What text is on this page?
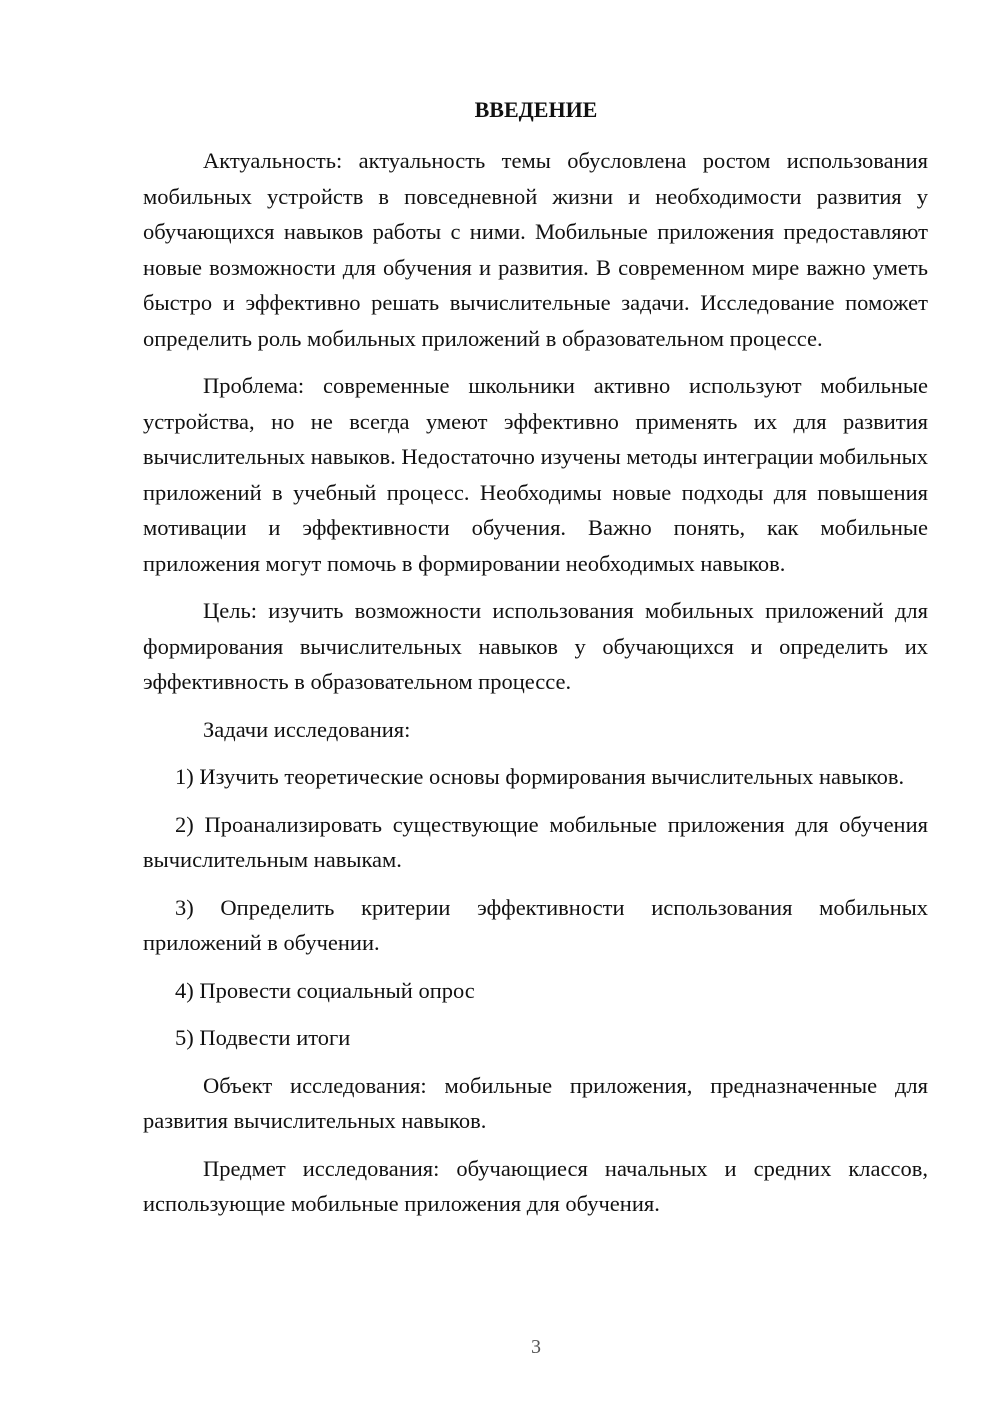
ВВЕДЕНИЕ

Актуальность: актуальность темы обусловлена ростом использования мобильных устройств в повседневной жизни и необходимости развития у обучающихся навыков работы с ними. Мобильные приложения предоставляют новые возможности для обучения и развития. В современном мире важно уметь быстро и эффективно решать вычислительные задачи. Исследование поможет определить роль мобильных приложений в образовательном процессе.

Проблема: современные школьники активно используют мобильные устройства, но не всегда умеют эффективно применять их для развития вычислительных навыков. Недостаточно изучены методы интеграции мобильных приложений в учебный процесс. Необходимы новые подходы для повышения мотивации и эффективности обучения. Важно понять, как мобильные приложения могут помочь в формировании необходимых навыков.

Цель: изучить возможности использования мобильных приложений для формирования вычислительных навыков у обучающихся и определить их эффективность в образовательном процессе.

Задачи исследования:

1) Изучить теоретические основы формирования вычислительных навыков.

2) Проанализировать существующие мобильные приложения для обучения вычислительным навыкам.

3) Определить критерии эффективности использования мобильных приложений в обучении.

4) Провести социальный опрос

5) Подвести итоги

Объект исследования: мобильные приложения, предназначенные для развития вычислительных навыков.

Предмет исследования: обучающиеся начальных и средних классов, использующие мобильные приложения для обучения.

3
